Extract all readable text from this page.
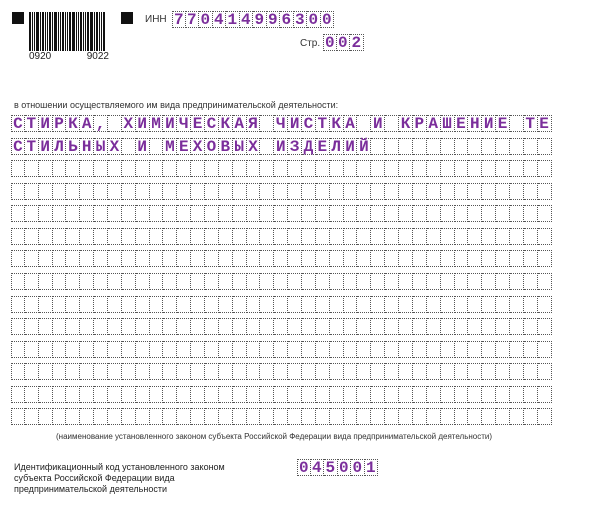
0920	9022
ИНН 7 7 0 4 1 4 9 9 6 3 0 0
Стр. 0 0 2
в отношении осуществляемого им вида предпринимательской деятельности:
С Т И Р К А , Х И М И Ч Е С К А Я Ч И С Т К А И К Р А Ш Е Н И Е Т Е
С Т И Л Ь Н Ы Х И М Е Х О В Ы Х И З Д Е Л И Й
(наименование установленного законом субъекта Российской Федерации вида предпринимательской деятельности)
Идентификационный код установленного законом субъекта Российской Федерации вида предпринимательской деятельности
0 4 5 0 0 1
